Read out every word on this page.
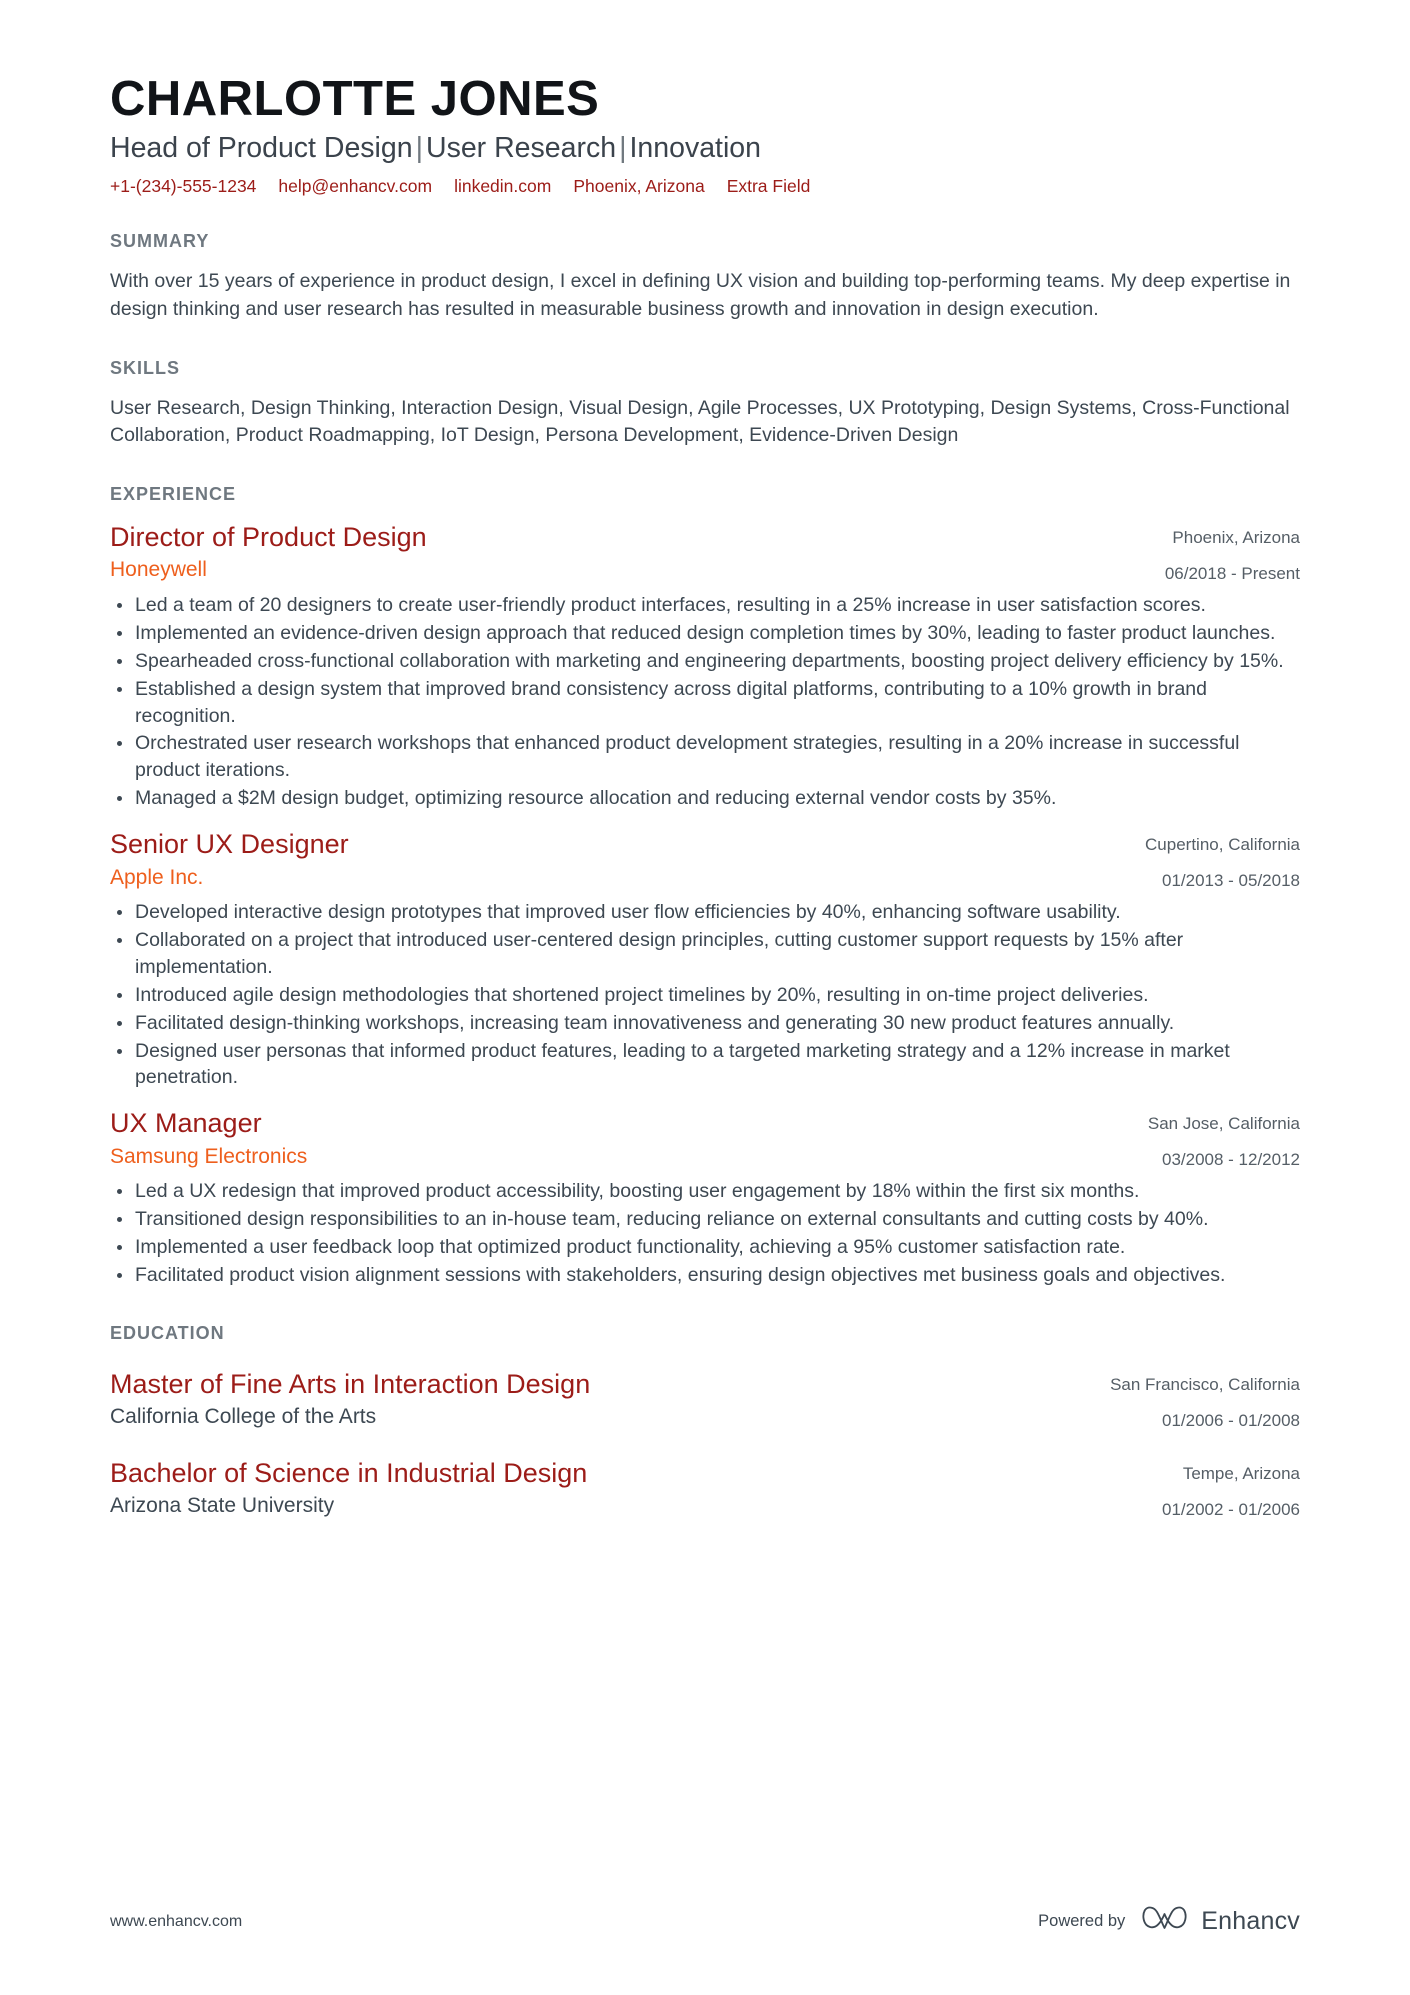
CHARLOTTE JONES
Head of Product Design | User Research | Innovation
+1-(234)-555-1234 help@enhancv.com linkedin.com Phoenix, Arizona Extra Field
SUMMARY

With over 15 years of experience in product design, I excel in defining UX vision and building top-performing teams. My deep expertise in design thinking and user research has resulted in measurable business growth and innovation in design execution.

SKILLS

User Research, Design Thinking, Interaction Design, Visual Design, Agile Processes, UX Prototyping, Design Systems, Cross-Functional Collaboration, Product Roadmapping, IoT Design, Persona Development, Evidence-Driven Design

EXPERIENCE
Director of Product Design
Honeywell
Phoenix, Arizona
06/2018 - Present
Led a team of 20 designers to create user-friendly product interfaces, resulting in a 25% increase in user satisfaction scores.
Implemented an evidence-driven design approach that reduced design completion times by 30%, leading to faster product launches.
Spearheaded cross-functional collaboration with marketing and engineering departments, boosting project delivery efficiency by 15%.
Established a design system that improved brand consistency across digital platforms, contributing to a 10% growth in brand recognition.
Orchestrated user research workshops that enhanced product development strategies, resulting in a 20% increase in successful product iterations.
Managed a $2M design budget, optimizing resource allocation and reducing external vendor costs by 35%.
Senior UX Designer
Apple Inc.
Cupertino, California
01/2013 - 05/2018
Developed interactive design prototypes that improved user flow efficiencies by 40%, enhancing software usability.
Collaborated on a project that introduced user-centered design principles, cutting customer support requests by 15% after implementation.
Introduced agile design methodologies that shortened project timelines by 20%, resulting in on-time project deliveries.
Facilitated design-thinking workshops, increasing team innovativeness and generating 30 new product features annually.
Designed user personas that informed product features, leading to a targeted marketing strategy and a 12% increase in market penetration.
UX Manager
Samsung Electronics
San Jose, California
03/2008 - 12/2012
Led a UX redesign that improved product accessibility, boosting user engagement by 18% within the first six months.
Transitioned design responsibilities to an in-house team, reducing reliance on external consultants and cutting costs by 40%.
Implemented a user feedback loop that optimized product functionality, achieving a 95% customer satisfaction rate.
Facilitated product vision alignment sessions with stakeholders, ensuring design objectives met business goals and objectives.
EDUCATION
Master of Fine Arts in Interaction Design
California College of the Arts
San Francisco, California
01/2006 - 01/2008
Bachelor of Science in Industrial Design
Arizona State University
Tempe, Arizona
01/2002 - 01/2006
www.enhancv.com	Powered by	Enhancv
